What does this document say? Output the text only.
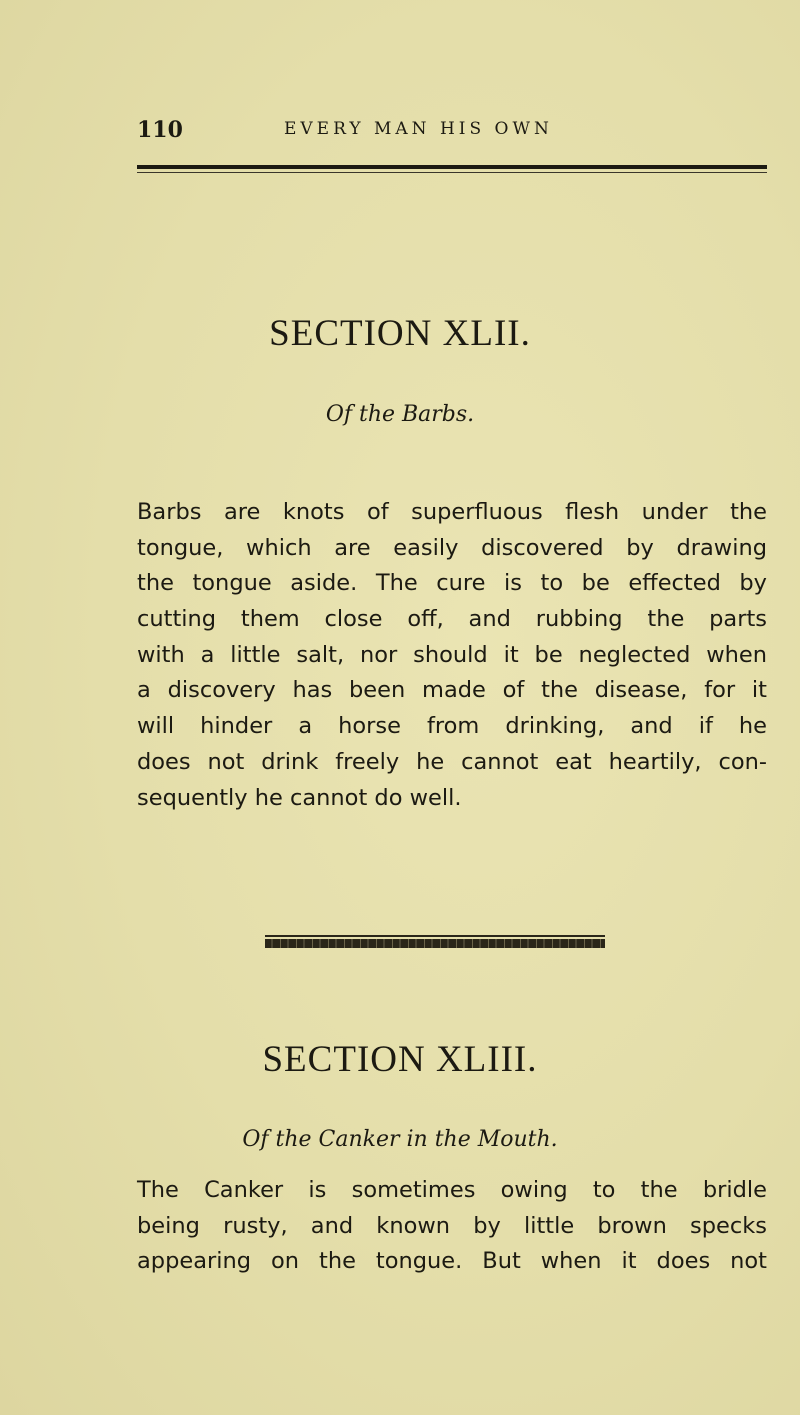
110	EVERY MAN HIS OWN
SECTION XLII.
Of the Barbs.
Barbs are knots of superfluous flesh under the
tongue, which are easily discovered by drawing
the tongue aside. The cure is to be effected by
cutting them close off, and rubbing the parts
with a little salt, nor should it be neglected when
a discovery has been made of the disease, for it
will hinder a horse from drinking, and if he
does not drink freely he cannot eat heartily, con-
sequently he cannot do well.
SECTION XLIII.
Of the Canker in the Mouth.
The Canker is sometimes owing to the bridle
being rusty, and known by little brown specks
appearing on the tongue. But when it does not
